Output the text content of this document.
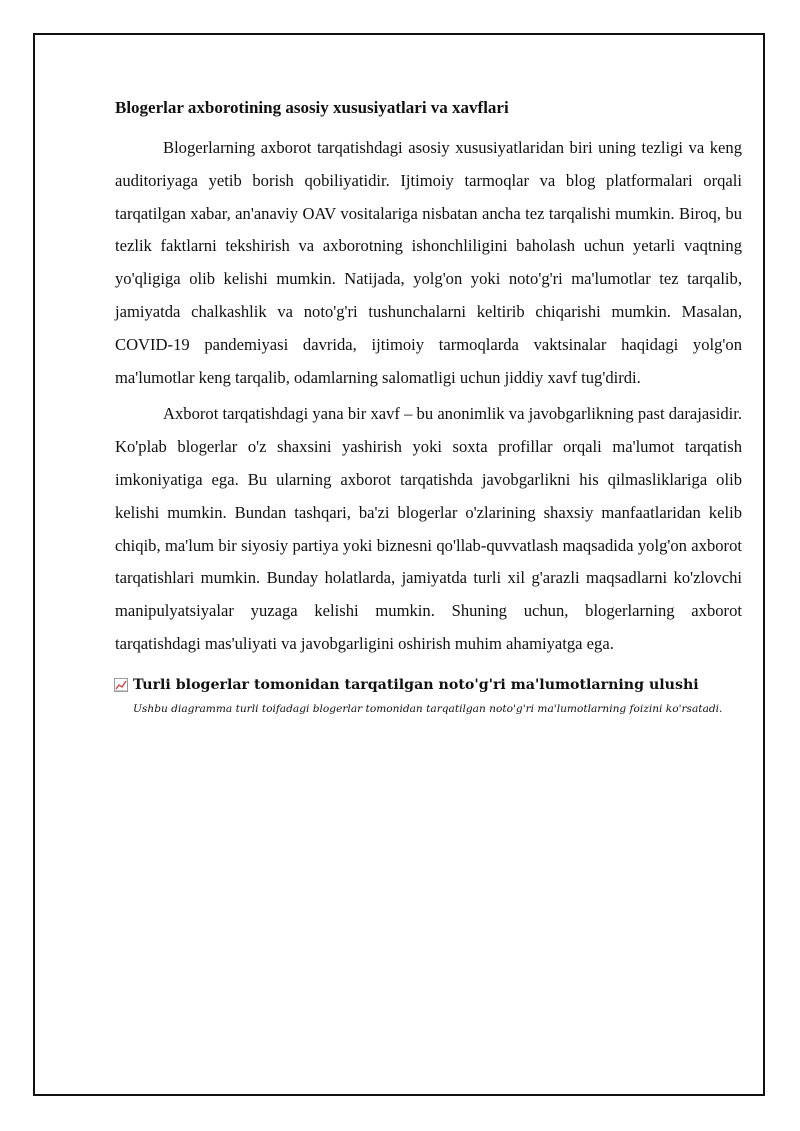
Blogerlar axborotining asosiy xususiyatlari va xavflari

Blogerlarning axborot tarqatishdagi asosiy xususiyatlaridan biri uning tezligi va keng auditoriyaga yetib borish qobiliyatidir. Ijtimoiy tarmoqlar va blog platformalari orqali tarqatilgan xabar, an'anaviy OAV vositalariga nisbatan ancha tez tarqalishi mumkin. Biroq, bu tezlik faktlarni tekshirish va axborotning ishonchliligini baholash uchun yetarli vaqtning yo'qligiga olib kelishi mumkin. Natijada, yolg'on yoki noto'g'ri ma'lumotlar tez tarqalib, jamiyatda chalkashlik va noto'g'ri tushunchalarni keltirib chiqarishi mumkin. Masalan, COVID-19 pandemiyasi davrida, ijtimoiy tarmoqlarda vaktsinalar haqidagi yolg'on ma'lumotlar keng tarqalib, odamlarning salomatligi uchun jiddiy xavf tug'dirdi.

Axborot tarqatishdagi yana bir xavf – bu anonimlik va javobgarlikning past darajasidir. Ko'plab blogerlar o'z shaxsini yashirish yoki soxta profillar orqali ma'lumot tarqatish imkoniyatiga ega. Bu ularning axborot tarqatishda javobgarlikni his qilmasliklariga olib kelishi mumkin. Bundan tashqari, ba'zi blogerlar o'zlarining shaxsiy manfaatlaridan kelib chiqib, ma'lum bir siyosiy partiya yoki biznesni qo'llab-quvvatlash maqsadida yolg'on axborot tarqatishlari mumkin. Bunday holatlarda, jamiyatda turli xil g'arazli maqsadlarni ko'zlovchi manipulyatsiyalar yuzaga kelishi mumkin. Shuning uchun, blogerlarning axborot tarqatishdagi mas'uliyati va javobgarligini oshirish muhim ahamiyatga ega.

Turli blogerlar tomonidan tarqatilgan noto'g'ri ma'lumotlarning ulushi
Ushbu diagramma turli toifadagi blogerlar tomonidan tarqatilgan noto'g'ri ma'lumotlarning foizini ko'rsatadi.
